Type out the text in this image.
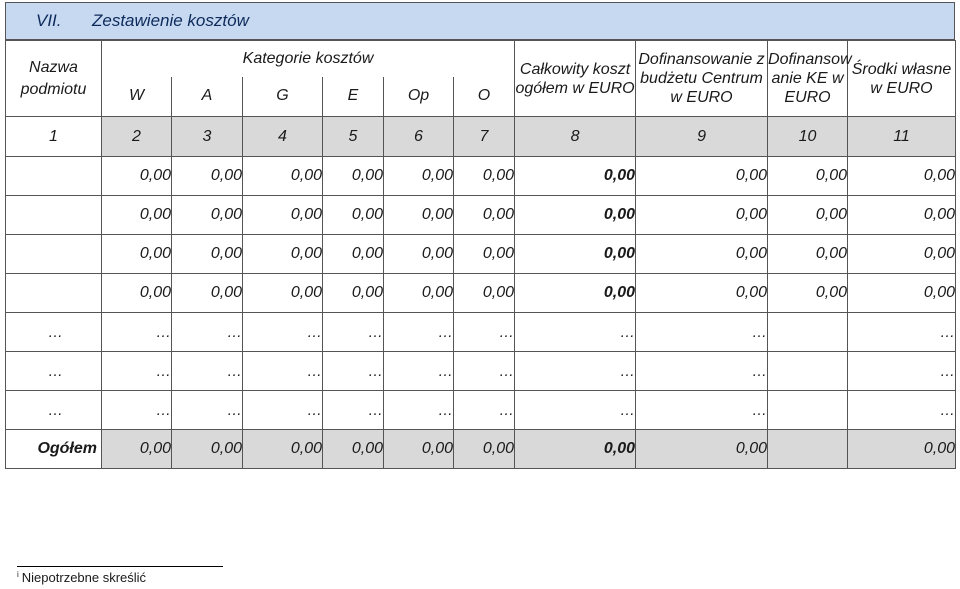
VII. Zestawienie kosztów
Nazwa podmiotu	Kategorie kosztów						Całkowity koszt ogółem w EURO	Dofinansowanie z budżetu Centrum w EURO	Dofinansow anie KE w EURO	Środki własne w EURO
	W	A	G	E	Op	O				
1	2	3	4	5	6	7	8	9	10	11
	0,00	0,00	0,00	0,00	0,00	0,00	0,00	0,00	0,00	0,00
	0,00	0,00	0,00	0,00	0,00	0,00	0,00	0,00	0,00	0,00
	0,00	0,00	0,00	0,00	0,00	0,00	0,00	0,00	0,00	0,00
	0,00	0,00	0,00	0,00	0,00	0,00	0,00	0,00	0,00	0,00
…	…	…	…	…	…	…	…	…		…
…	…	…	…	…	…	…	…	…		…
…	…	…	…	…	…	…	…	…		…
Ogółem	0,00	0,00	0,00	0,00	0,00	0,00	0,00	0,00		0,00
$^i$ Niepotrzebne skreślić
